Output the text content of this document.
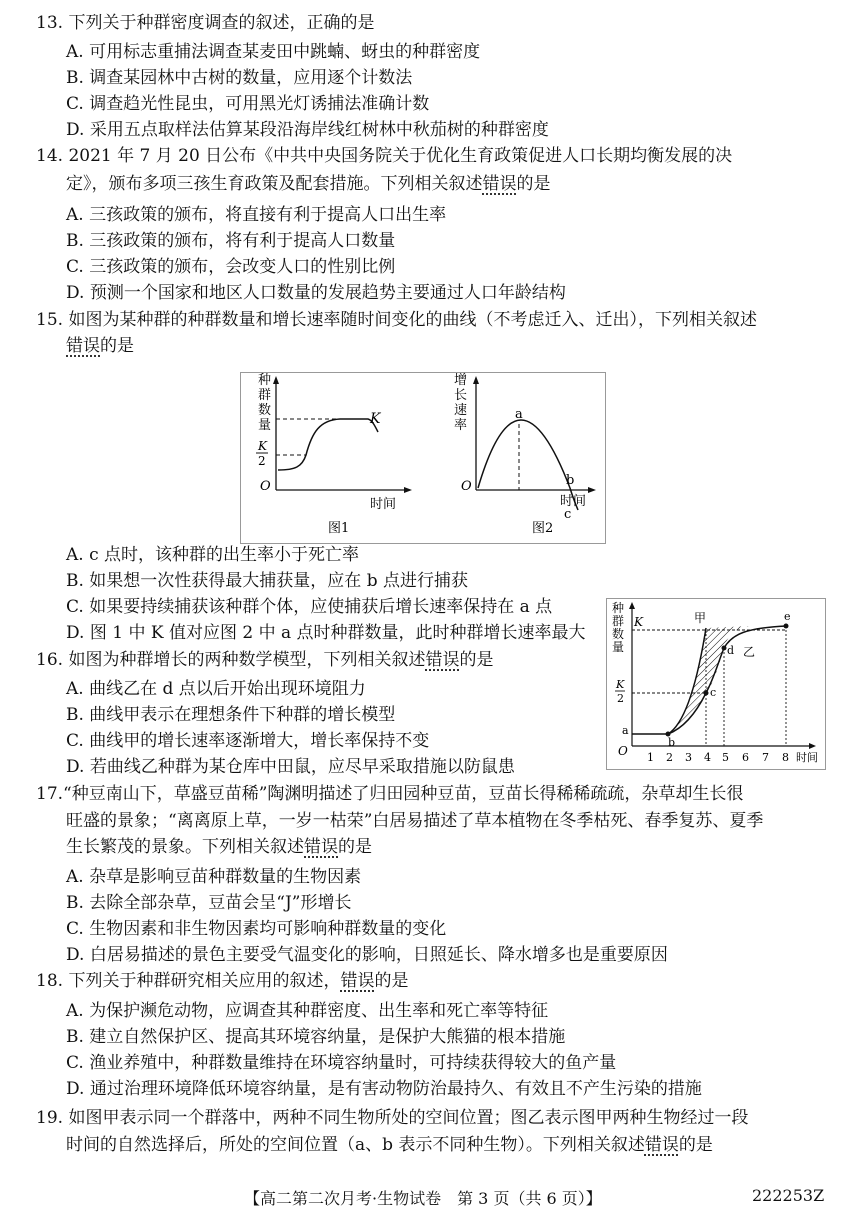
13. 下列关于种群密度调查的叙述，正确的是
A. 可用标志重捕法调查某麦田中跳蝻、蚜虫的种群密度
B. 调查某园林中古树的数量，应用逐个计数法
C. 调查趋光性昆虫，可用黑光灯诱捕法准确计数
D. 采用五点取样法估算某段沿海岸线红树林中秋茄树的种群密度
14. 2021 年 7 月 20 日公布《中共中央国务院关于优化生育政策促进人口长期均衡发展的决
定》，颁布多项三孩生育政策及配套措施。下列相关叙述错误的是
A. 三孩政策的颁布，将直接有利于提高人口出生率
B. 三孩政策的颁布，将有利于提高人口数量
C. 三孩政策的颁布，会改变人口的性别比例
D. 预测一个国家和地区人口数量的发展趋势主要通过人口年龄结构
15. 如图为某种群的种群数量和增长速率随时间变化的曲线（不考虑迁入、迁出），下列相关叙述
错误的是
种
群
数
量	K
K
2
O
时间
图1
增
长
速
率
a
b
c
O
时间
图2
A. c 点时，该种群的出生率小于死亡率
B. 如果想一次性获得最大捕获量，应在 b 点进行捕获
C. 如果要持续捕获该种群个体，应使捕获后增长速率保持在 a 点
D. 图 1 中 K 值对应图 2 中 a 点时种群数量，此时种群增长速率最大
16. 如图为种群增长的两种数学模型，下列相关叙述错误的是
A. 曲线乙在 d 点以后开始出现环境阻力
B. 曲线甲表示在理想条件下种群的增长模型
C. 曲线甲的增长速率逐渐增大，增长率保持不变
D. 若曲线乙种群为某仓库中田鼠，应尽早采取措施以防鼠患
种
群
数
量
a
b
c
d
e
甲
乙
K
K
2
O 1 2 3 4 5 6 7 8 时间
17.“种豆南山下，草盛豆苗稀”陶渊明描述了归田园种豆苗，豆苗长得稀稀疏疏，杂草却生长很
旺盛的景象；“离离原上草，一岁一枯荣”白居易描述了草本植物在冬季枯死、春季复苏、夏季
生长繁茂的景象。下列相关叙述错误的是
A. 杂草是影响豆苗种群数量的生物因素
B. 去除全部杂草，豆苗会呈“J”形增长
C. 生物因素和非生物因素均可影响种群数量的变化
D. 白居易描述的景色主要受气温变化的影响，日照延长、降水增多也是重要原因
18. 下列关于种群研究相关应用的叙述，错误的是
A. 为保护濒危动物，应调查其种群密度、出生率和死亡率等特征
B. 建立自然保护区、提高其环境容纳量，是保护大熊猫的根本措施
C. 渔业养殖中，种群数量维持在环境容纳量时，可持续获得较大的鱼产量
D. 通过治理环境降低环境容纳量，是有害动物防治最持久、有效且不产生污染的措施
19. 如图甲表示同一个群落中，两种不同生物所处的空间位置；图乙表示图甲两种生物经过一段
时间的自然选择后，所处的空间位置（a、b 表示不同种生物）。下列相关叙述错误的是
【高二第二次月考·生物试卷　第 3 页（共 6 页）】	222253Z
